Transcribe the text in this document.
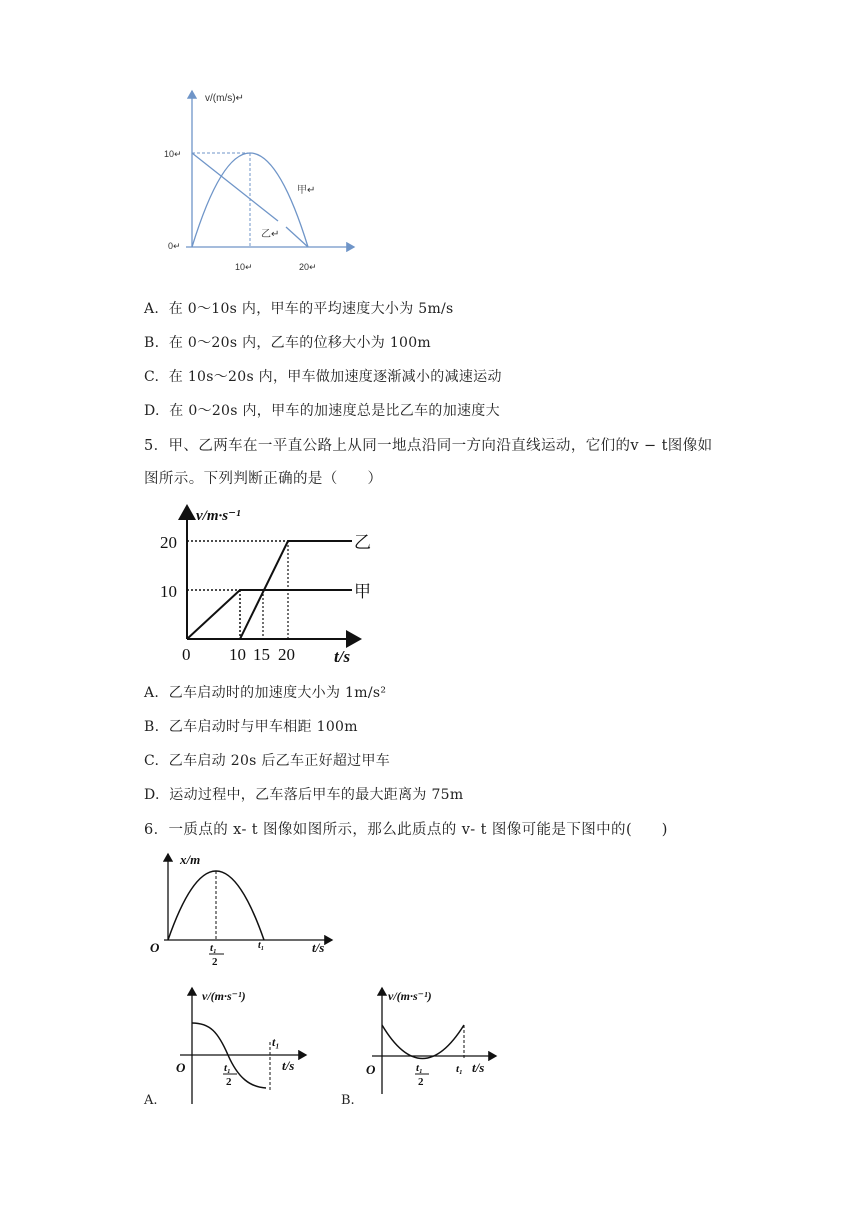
v/(m/s)↵
10↵
0↵
10↵	20↵
甲↵
乙↵
A. 在 0～10s 内，甲车的平均速度大小为 5m/s
B. 在 0～20s 内，乙车的位移大小为 100m
C. 在 10s～20s 内，甲车做加速度逐渐减小的减速运动
D. 在 0～20s 内，甲车的加速度总是比乙车的加速度大
5．甲、乙两车在一平直公路上从同一地点沿同一方向沿直线运动，它们的v − t图像如
图所示。下列判断正确的是（　　）
v/m·s⁻¹
20
10
0 10 15 20 t/s
乙
甲
A. 乙车启动时的加速度大小为 1m/s²
B. 乙车启动时与甲车相距 100m
C. 乙车启动 20s 后乙车正好超过甲车
D. 运动过程中，乙车落后甲车的最大距离为 75m
6．一质点的 x- t 图像如图所示，那么此质点的 v- t 图像可能是下图中的(　　)
x/m
O	t₁
2
t₁	t/s
A.
v/(m·s⁻¹)
O	t₁
2
t₁
t/s
B.
v/(m·s⁻¹)
O	t₁
2
t₁ t/s
